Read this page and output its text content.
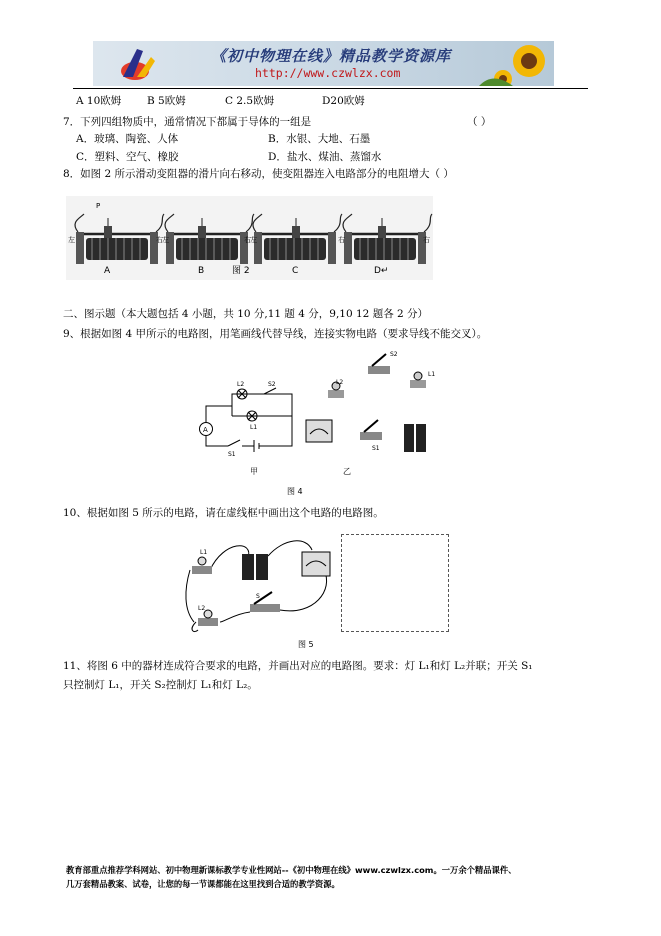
《初中物理在线》精品教学资源库
http://www.czwlzx.com
A 10欧姆 B 5欧姆	C 2.5欧姆	D20欧姆
7．下列四组物质中，通常情况下都属于导体的一组是	（ ）
A．玻璃、陶瓷、人体	B．水银、大地、石墨
C．塑料、空气、橡胶	D．盐水、煤油、蒸馏水
8．如图 2 所示滑动变阻器的滑片向右移动，使变阻器连入电路部分的电阻增大（ ）
P
左	右 左	右 左	右	右
A	B	图 2	C	D↵
二、图示题（本大题包括 4 小题，共 10 分,11 题 4 分，9,10 12 题各 2 分）
9、根据如图 4 甲所示的电路图，用笔画线代替导线，连接实物电路（要求导线不能交叉）。
A
L2
L1
S2
S1
甲
L2
S2
L1
S1
乙
图 4
10、根据如图 5 所示的电路，请在虚线框中画出这个电路的电路图。
L1
S
L2
图 5
11、将图 6 中的器材连成符合要求的电路，并画出对应的电路图。要求：灯 L₁和灯 L₂并联；开关 S₁
只控制灯 L₁，开关 S₂控制灯 L₁和灯 L₂。
教育部重点推荐学科网站、初中物理新课标教学专业性网站--《初中物理在线》www.czwlzx.com。一万余个精品课件、
几万套精品教案、试卷，让您的每一节课都能在这里找到合适的教学资源。
